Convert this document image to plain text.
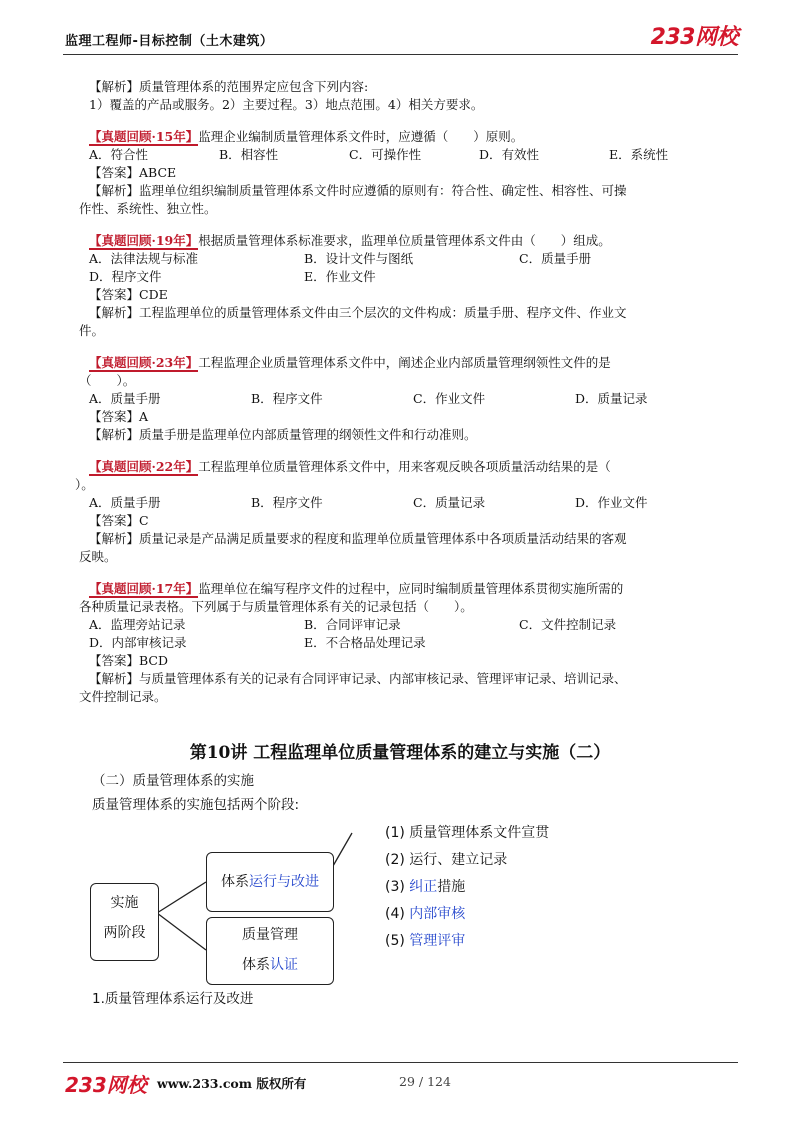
监理工程师-目标控制（土木建筑）	233网校
【解析】质量管理体系的范围界定应包含下列内容:
1）覆盖的产品或服务。2）主要过程。3）地点范围。4）相关方要求。
【真题回顾·15年】监理企业编制质量管理体系文件时，应遵循（　　）原则。
A．符合性	B．相容性	C．可操作性	D．有效性	E．系统性
【答案】ABCE
【解析】监理单位组织编制质量管理体系文件时应遵循的原则有：符合性、确定性、相容性、可操
作性、系统性、独立性。
【真题回顾·19年】根据质量管理体系标准要求，监理单位质量管理体系文件由（　　）组成。
A．法律法规与标准	B．设计文件与图纸	C．质量手册
D．程序文件	E．作业文件
【答案】CDE
【解析】工程监理单位的质量管理体系文件由三个层次的文件构成：质量手册、程序文件、作业文
件。
【真题回顾·23年】工程监理企业质量管理体系文件中，阐述企业内部质量管理纲领性文件的是
（　　）。
A．质量手册	B．程序文件	C．作业文件	D．质量记录
【答案】A
【解析】质量手册是监理单位内部质量管理的纲领性文件和行动准则。
【真题回顾·22年】工程监理单位质量管理体系文件中，用来客观反映各项质量活动结果的是（
）。
A．质量手册	B．程序文件	C．质量记录	D．作业文件
【答案】C
【解析】质量记录是产品满足质量要求的程度和监理单位质量管理体系中各项质量活动结果的客观
反映。
【真题回顾·17年】监理单位在编写程序文件的过程中，应同时编制质量管理体系贯彻实施所需的
各种质量记录表格。下列属于与质量管理体系有关的记录包括（　　）。
A．监理旁站记录	B．合同评审记录	C．文件控制记录
D．内部审核记录	E．不合格品处理记录
【答案】BCD
【解析】与质量管理体系有关的记录有合同评审记录、内部审核记录、管理评审记录、培训记录、
文件控制记录。
第10讲 工程监理单位质量管理体系的建立与实施（二）
（二）质量管理体系的实施
质量管理体系的实施包括两个阶段:
实施
两阶段
体系运行与改进
质量管理
体系认证
(1) 质量管理体系文件宣贯
(2) 运行、建立记录
(3) 纠正措施
(4) 内部审核
(5) 管理评审
1.质量管理体系运行及改进
233网校 www.233.com 版权所有	29 / 124
